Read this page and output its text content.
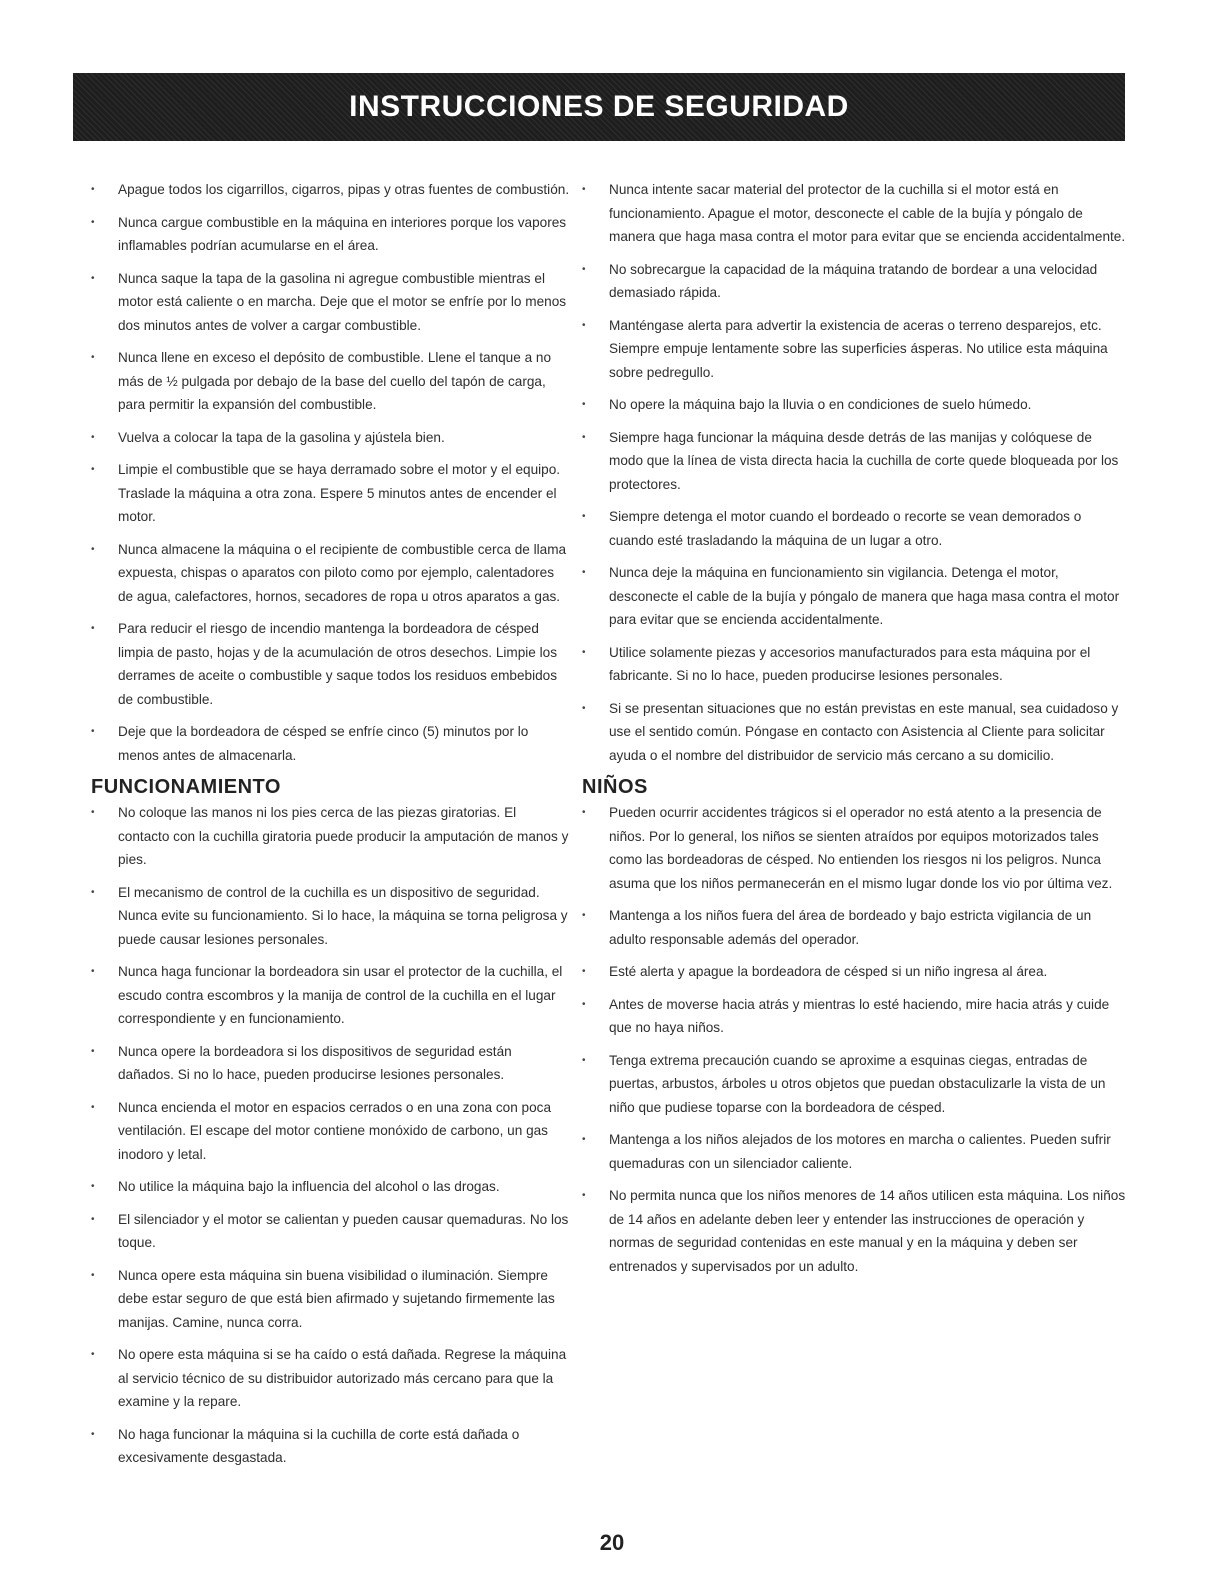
INSTRUCCIONES DE SEGURIDAD
• Apague todos los cigarrillos, cigarros, pipas y otras fuentes de combustión.
• Nunca cargue combustible en la máquina en interiores porque los vapores inflamables podrían acumularse en el área.
• Nunca saque la tapa de la gasolina ni agregue combustible mientras el motor está caliente o en marcha. Deje que el motor se enfríe por lo menos dos minutos antes de volver a cargar combustible.
• Nunca llene en exceso el depósito de combustible. Llene el tanque a no más de ½ pulgada por debajo de la base del cuello del tapón de carga, para permitir la expansión del combustible.
• Vuelva a colocar la tapa de la gasolina y ajústela bien.
• Limpie el combustible que se haya derramado sobre el motor y el equipo. Traslade la máquina a otra zona. Espere 5 minutos antes de encender el motor.
• Nunca almacene la máquina o el recipiente de combustible cerca de llama expuesta, chispas o aparatos con piloto como por ejemplo, calentadores de agua, calefactores, hornos, secadores de ropa u otros aparatos a gas.
• Para reducir el riesgo de incendio mantenga la bordeadora de césped limpia de pasto, hojas y de la acumulación de otros desechos. Limpie los derrames de aceite o combustible y saque todos los residuos embebidos de combustible.
• Deje que la bordeadora de césped se enfríe cinco (5) minutos por lo menos antes de almacenarla.
FUNCIONAMIENTO
• No coloque las manos ni los pies cerca de las piezas giratorias. El contacto con la cuchilla giratoria puede producir la amputación de manos y pies.
• El mecanismo de control de la cuchilla es un dispositivo de seguridad. Nunca evite su funcionamiento. Si lo hace, la máquina se torna peligrosa y puede causar lesiones personales.
• Nunca haga funcionar la bordeadora sin usar el protector de la cuchilla, el escudo contra escombros y la manija de control de la cuchilla en el lugar correspondiente y en funcionamiento.
• Nunca opere la bordeadora si los dispositivos de seguridad están dañados. Si no lo hace, pueden producirse lesiones personales.
• Nunca encienda el motor en espacios cerrados o en una zona con poca ventilación. El escape del motor contiene monóxido de carbono, un gas inodoro y letal.
• No utilice la máquina bajo la influencia del alcohol o las drogas.
• El silenciador y el motor se calientan y pueden causar quemaduras. No los toque.
• Nunca opere esta máquina sin buena visibilidad o iluminación. Siempre debe estar seguro de que está bien afirmado y sujetando firmemente las manijas. Camine, nunca corra.
• No opere esta máquina si se ha caído o está dañada. Regrese la máquina al servicio técnico de su distribuidor autorizado más cercano para que la examine y la repare.
• No haga funcionar la máquina si la cuchilla de corte está dañada o excesivamente desgastada.
• Nunca intente sacar material del protector de la cuchilla si el motor está en funcionamiento. Apague el motor, desconecte el cable de la bujía y póngalo de manera que haga masa contra el motor para evitar que se encienda accidentalmente.
• No sobrecargue la capacidad de la máquina tratando de bordear a una velocidad demasiado rápida.
• Manténgase alerta para advertir la existencia de aceras o terreno desparejos, etc. Siempre empuje lentamente sobre las superficies ásperas. No utilice esta máquina sobre pedregullo.
• No opere la máquina bajo la lluvia o en condiciones de suelo húmedo.
• Siempre haga funcionar la máquina desde detrás de las manijas y colóquese de modo que la línea de vista directa hacia la cuchilla de corte quede bloqueada por los protectores.
• Siempre detenga el motor cuando el bordeado o recorte se vean demorados o cuando esté trasladando la máquina de un lugar a otro.
• Nunca deje la máquina en funcionamiento sin vigilancia. Detenga el motor, desconecte el cable de la bujía y póngalo de manera que haga masa contra el motor para evitar que se encienda accidentalmente.
• Utilice solamente piezas y accesorios manufacturados para esta máquina por el fabricante. Si no lo hace, pueden producirse lesiones personales.
• Si se presentan situaciones que no están previstas en este manual, sea cuidadoso y use el sentido común. Póngase en contacto con Asistencia al Cliente para solicitar ayuda o el nombre del distribuidor de servicio más cercano a su domicilio.
NIÑOS
• Pueden ocurrir accidentes trágicos si el operador no está atento a la presencia de niños. Por lo general, los niños se sienten atraídos por equipos motorizados tales como las bordeadoras de césped. No entienden los riesgos ni los peligros. Nunca asuma que los niños permanecerán en el mismo lugar donde los vio por última vez.
• Mantenga a los niños fuera del área de bordeado y bajo estricta vigilancia de un adulto responsable además del operador.
• Esté alerta y apague la bordeadora de césped si un niño ingresa al área.
• Antes de moverse hacia atrás y mientras lo esté haciendo, mire hacia atrás y cuide que no haya niños.
• Tenga extrema precaución cuando se aproxime a esquinas ciegas, entradas de puertas, arbustos, árboles u otros objetos que puedan obstaculizarle la vista de un niño que pudiese toparse con la bordeadora de césped.
• Mantenga a los niños alejados de los motores en marcha o calientes. Pueden sufrir quemaduras con un silenciador caliente.
• No permita nunca que los niños menores de 14 años utilicen esta máquina. Los niños de 14 años en adelante deben leer y entender las instrucciones de operación y normas de seguridad contenidas en este manual y en la máquina y deben ser entrenados y supervisados por un adulto.
20
